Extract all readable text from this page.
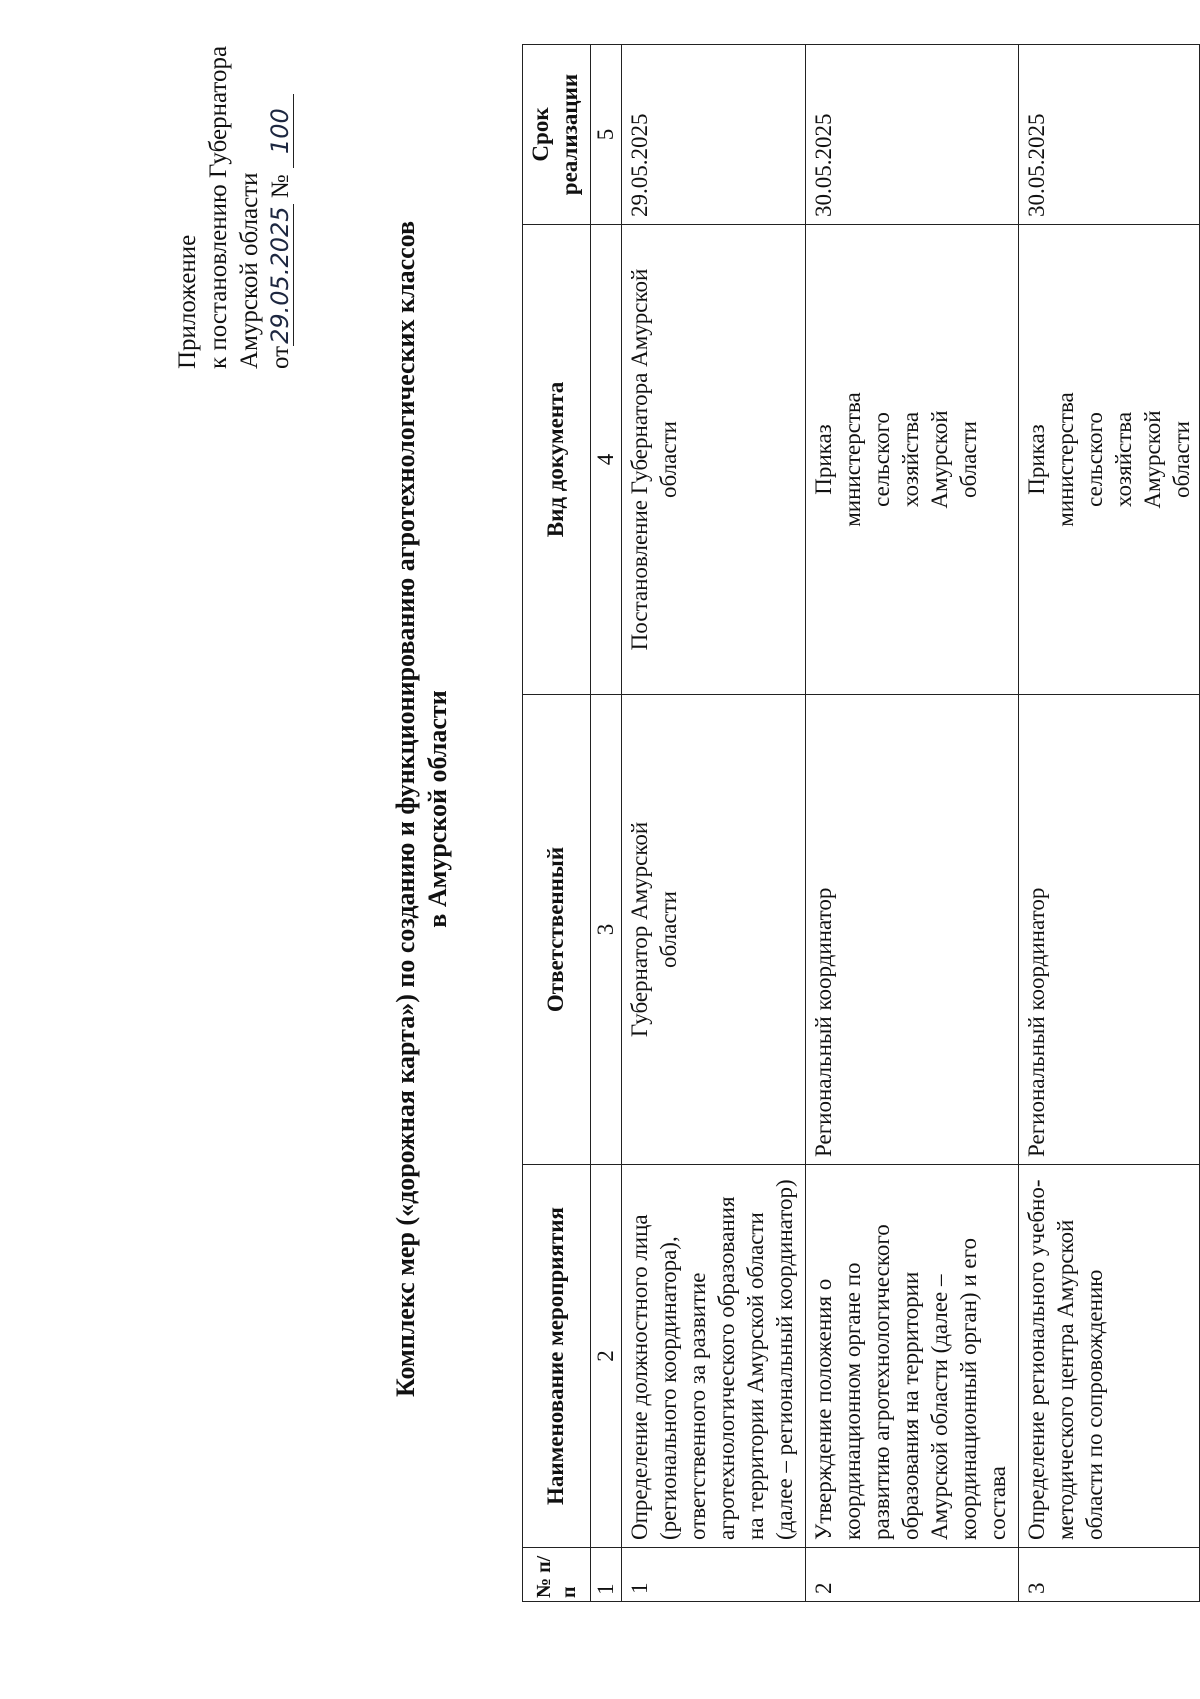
Приложение к постановлению Губернатора Амурской области от29.05.2025 № 100
Комплекс мер («дорожная карта») по созданию и функционированию агротехнологических классов в Амурской области
№ п/ п	Наименование мероприятия	Ответственный	Вид документа	Срок реализации
1	2	3	4	5
1	Определение должностного лица (регионального координатора), ответственного за развитие агротехнологического образования на территории Амурской области (далее – региональный координатор)	Губернатор Амурской области	Постановление Губернатора Амурской области	29.05.2025
2	Утверждение положения о координационном органе по развитию агротехнологического образования на территории Амурской области (далее – координационный орган) и его состава	Региональный координатор	Приказ министерства сельского хозяйства Амурской области	30.05.2025
3	Определение регионального учебно-методического центра Амурской области по сопровождению	Региональный координатор	Приказ министерства сельского хозяйства Амурской области	30.05.2025
